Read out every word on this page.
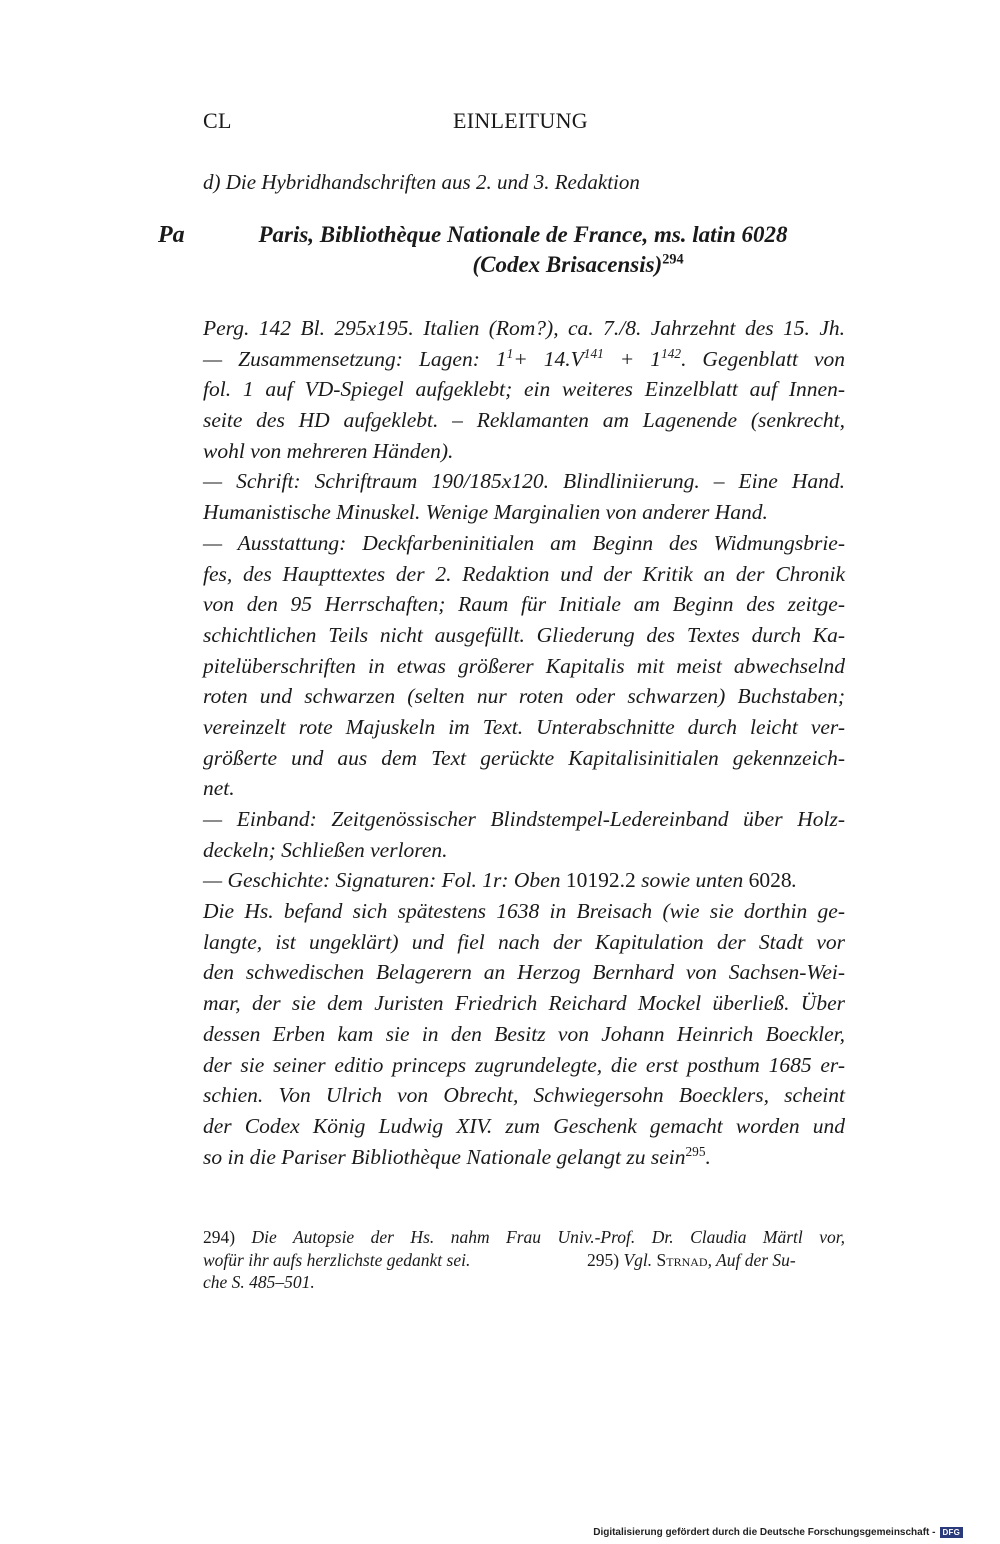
CL	EINLEITUNG
d) Die Hybridhandschriften aus 2. und 3. Redaktion
Pa	Paris, Bibliothèque Nationale de France, ms. latin 6028
(Codex Brisacensis)$^{294}$
Perg. 142 Bl. 295x195. Italien (Rom?), ca. 7./8. Jahrzehnt des 15. Jh.
— Zusammensetzung: Lagen: $1^1+ 14.V^{141} + 1^{142}$. Gegenblatt von
fol. 1 auf VD-Spiegel aufgeklebt; ein weiteres Einzelblatt auf Innen-
seite des HD aufgeklebt. – Reklamanten am Lagenende (senkrecht,
wohl von mehreren Händen).
— Schrift: Schriftraum 190/185x120. Blindliniierung. – Eine Hand.
Humanistische Minuskel. Wenige Marginalien von anderer Hand.
— Ausstattung: Deckfarbeninitialen am Beginn des Widmungsbrie-
fes, des Haupttextes der 2. Redaktion und der Kritik an der Chronik
von den 95 Herrschaften; Raum für Initiale am Beginn des zeitge-
schichtlichen Teils nicht ausgefüllt. Gliederung des Textes durch Ka-
pitelüberschriften in etwas größerer Kapitalis mit meist abwechselnd
roten und schwarzen (selten nur roten oder schwarzen) Buchstaben;
vereinzelt rote Majuskeln im Text. Unterabschnitte durch leicht ver-
größerte und aus dem Text gerückte Kapitalisinitialen gekennzeich-
net.
— Einband: Zeitgenössischer Blindstempel-Ledereinband über Holz-
deckeln; Schließen verloren.
— Geschichte: Signaturen: Fol. 1r: Oben 10192.2 sowie unten 6028.
Die Hs. befand sich spätestens 1638 in Breisach (wie sie dorthin ge-
langte, ist ungeklärt) und fiel nach der Kapitulation der Stadt vor
den schwedischen Belagerern an Herzog Bernhard von Sachsen-Wei-
mar, der sie dem Juristen Friedrich Reichard Mockel überließ. Über
dessen Erben kam sie in den Besitz von Johann Heinrich Boeckler,
der sie seiner editio princeps zugrundelegte, die erst posthum 1685 er-
schien. Von Ulrich von Obrecht, Schwiegersohn Boecklers, scheint
der Codex König Ludwig XIV. zum Geschenk gemacht worden und
so in die Pariser Bibliothèque Nationale gelangt zu sein$^{295}$.
294) Die Autopsie der Hs. nahm Frau Univ.-Prof. Dr. Claudia Märtl vor,
wofür ihr aufs herzlichste gedankt sei.	295) Vgl. Strnad, Auf der Su-
che S. 485–501.
Digitalisierung gefördert durch die Deutsche Forschungsgemeinschaft - DFG
